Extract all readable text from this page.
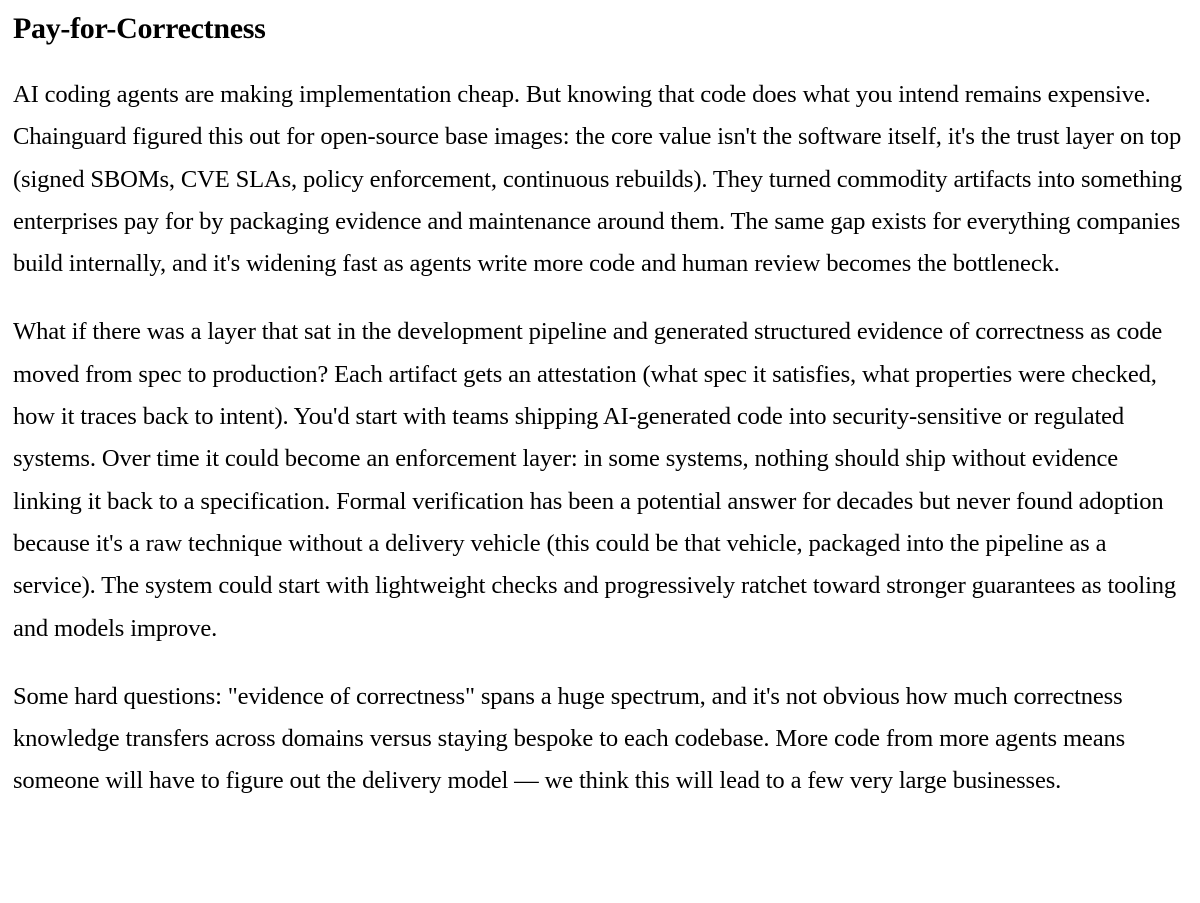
Pay-for-Correctness

AI coding agents are making implementation cheap. But knowing that code does what you intend remains expensive. Chainguard figured this out for open-source base images: the core value isn't the software itself, it's the trust layer on top (signed SBOMs, CVE SLAs, policy enforcement, continuous rebuilds). They turned commodity artifacts into something enterprises pay for by packaging evidence and maintenance around them. The same gap exists for everything companies build internally, and it's widening fast as agents write more code and human review becomes the bottleneck.

What if there was a layer that sat in the development pipeline and generated structured evidence of correctness as code moved from spec to production? Each artifact gets an attestation (what spec it satisfies, what properties were checked, how it traces back to intent). You'd start with teams shipping AI-generated code into security-sensitive or regulated systems. Over time it could become an enforcement layer: in some systems, nothing should ship without evidence linking it back to a specification. Formal verification has been a potential answer for decades but never found adoption because it's a raw technique without a delivery vehicle (this could be that vehicle, packaged into the pipeline as a service). The system could start with lightweight checks and progressively ratchet toward stronger guarantees as tooling and models improve.

Some hard questions: "evidence of correctness" spans a huge spectrum, and it's not obvious how much correctness knowledge transfers across domains versus staying bespoke to each codebase. More code from more agents means someone will have to figure out the delivery model — we think this will lead to a few very large businesses.
